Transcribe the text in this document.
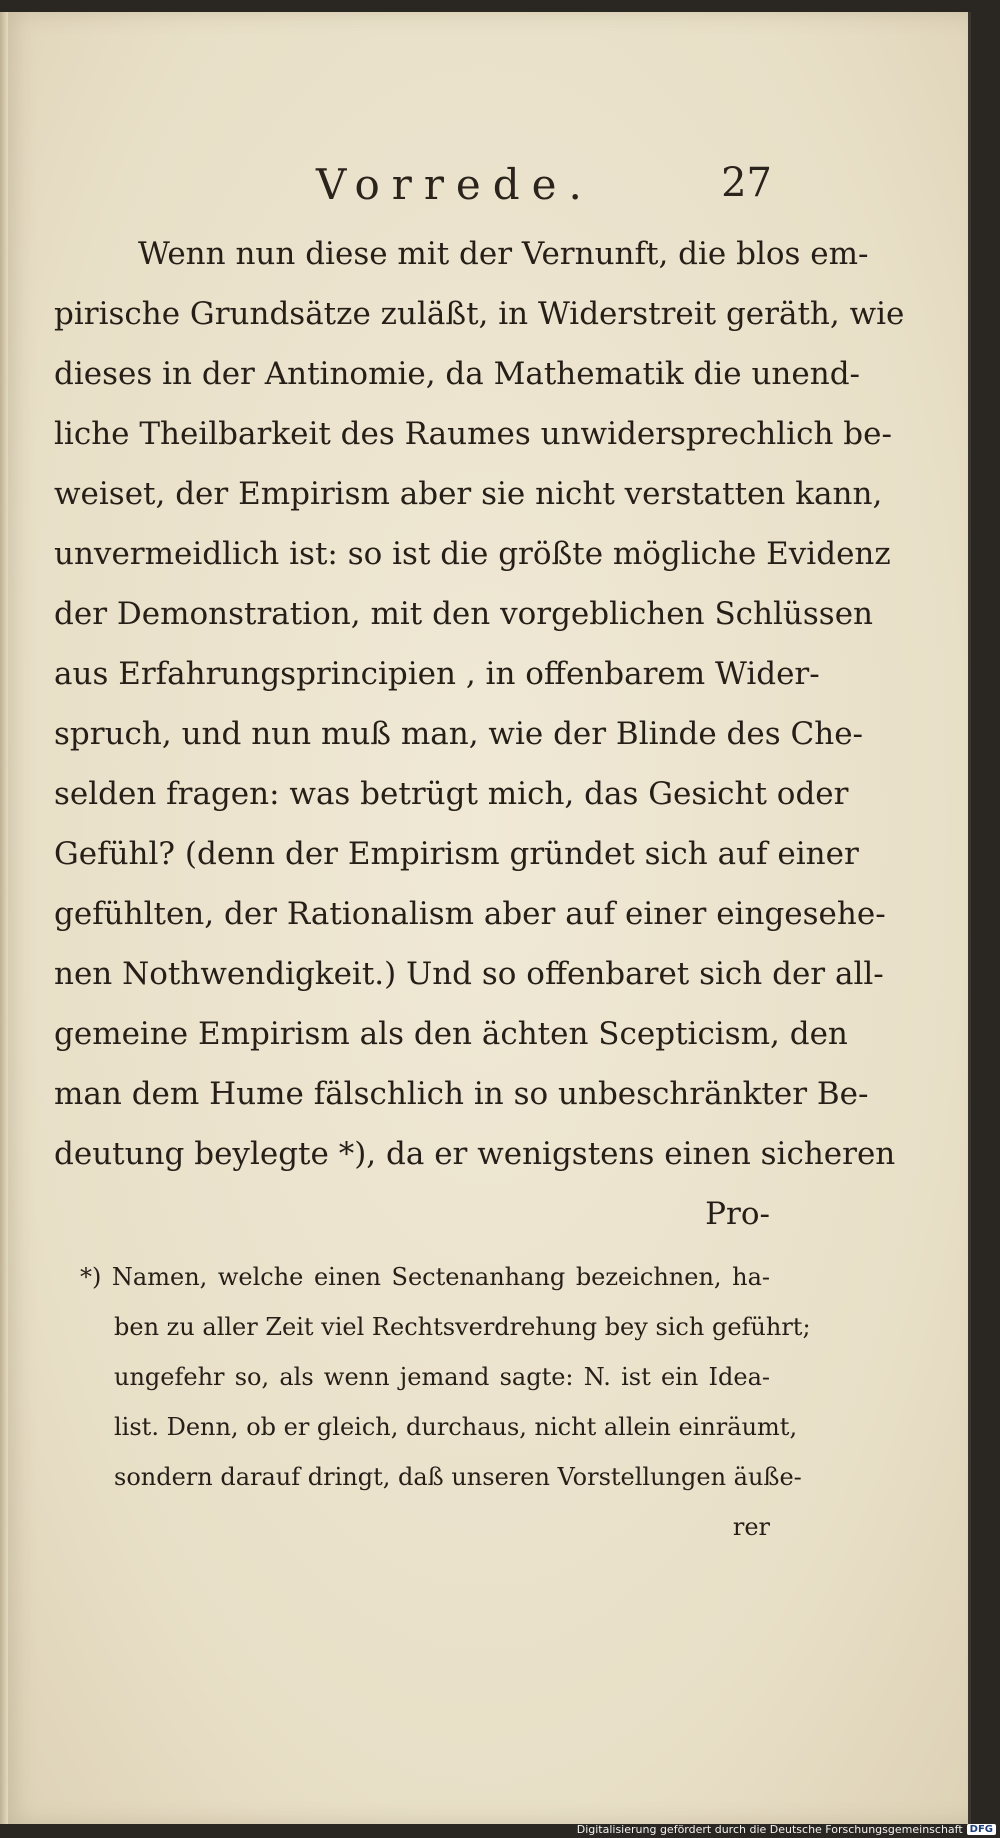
Vorrede.	27
Wenn nun diese mit der Vernunft, die blos em-
pirische Grundsätze zuläßt, in Widerstreit geräth, wie
dieses in der Antinomie, da Mathematik die unend-
liche Theilbarkeit des Raumes unwidersprechlich be-
weiset, der Empirism aber sie nicht verstatten kann,
unvermeidlich ist: so ist die größte mögliche Evidenz
der Demonstration, mit den vorgeblichen Schlüssen
aus Erfahrungsprincipien , in offenbarem Wider-
spruch, und nun muß man, wie der Blinde des Che-
selden fragen: was betrügt mich, das Gesicht oder
Gefühl? (denn der Empirism gründet sich auf einer
gefühlten, der Rationalism aber auf einer eingesehe-
nen Nothwendigkeit.) Und so offenbaret sich der all-
gemeine Empirism als den ächten Scepticism, den
man dem Hume fälschlich in so unbeschränkter Be-
deutung beylegte *), da er wenigstens einen sicheren
Pro-
*) Namen, welche einen Sectenanhang bezeichnen, ha-
ben zu aller Zeit viel Rechtsverdrehung bey sich geführt;
ungefehr so, als wenn jemand sagte: N. ist ein Idea-
list. Denn, ob er gleich, durchaus, nicht allein einräumt,
sondern darauf dringt, daß unseren Vorstellungen äuße-
rer
Digitalisierung gefördert durch die Deutsche Forschungsgemeinschaft DFG
